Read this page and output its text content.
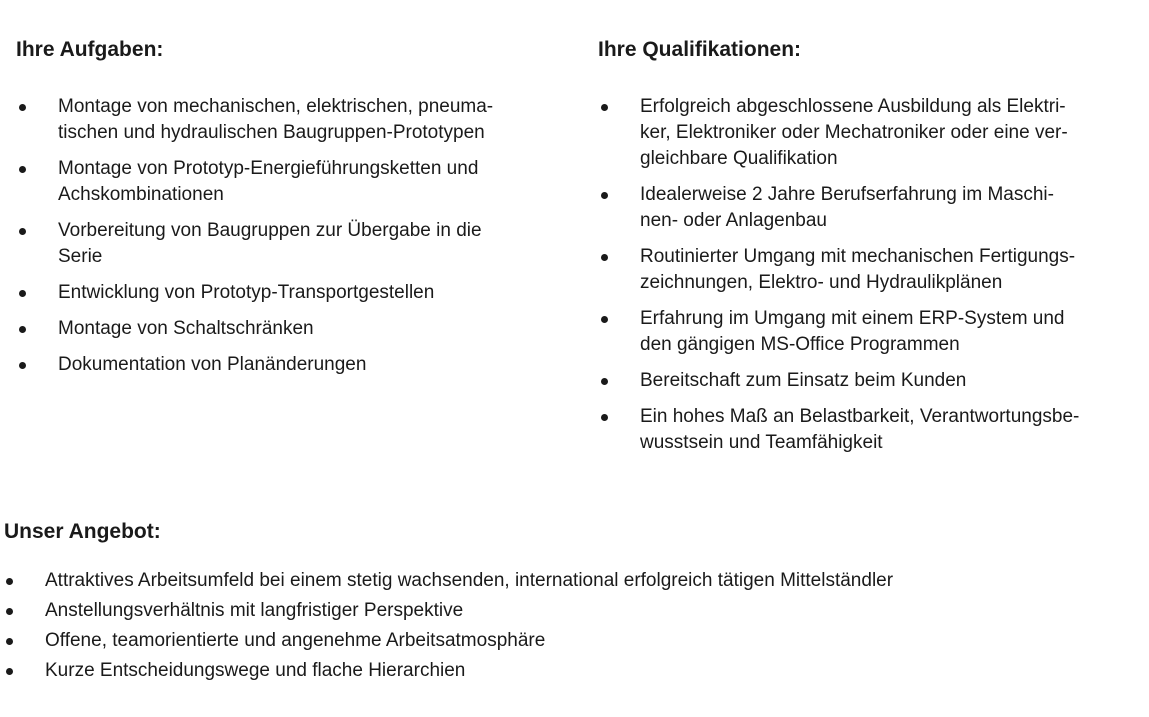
Ihre Aufgaben:
Montage von mechanischen, elektrischen, pneuma-
tischen und hydraulischen Baugruppen-Prototypen
Montage von Prototyp-Energieführungsketten und
Achskombinationen
Vorbereitung von Baugruppen zur Übergabe in die
Serie
Entwicklung von Prototyp-Transportgestellen
Montage von Schaltschränken
Dokumentation von Planänderungen
Ihre Qualifikationen:
Erfolgreich abgeschlossene Ausbildung als Elektri-
ker, Elektroniker oder Mechatroniker oder eine ver-
gleichbare Qualifikation
Idealerweise 2 Jahre Berufserfahrung im Maschi-
nen- oder Anlagenbau
Routinierter Umgang mit mechanischen Fertigungs-
zeichnungen, Elektro- und Hydraulikplänen
Erfahrung im Umgang mit einem ERP-System und
den gängigen MS-Office Programmen
Bereitschaft zum Einsatz beim Kunden
Ein hohes Maß an Belastbarkeit, Verantwortungsbe-
wusstsein und Teamfähigkeit
Unser Angebot:
Attraktives Arbeitsumfeld bei einem stetig wachsenden, international erfolgreich tätigen Mittelständler
Anstellungsverhältnis mit langfristiger Perspektive
Offene, teamorientierte und angenehme Arbeitsatmosphäre
Kurze Entscheidungswege und flache Hierarchien
